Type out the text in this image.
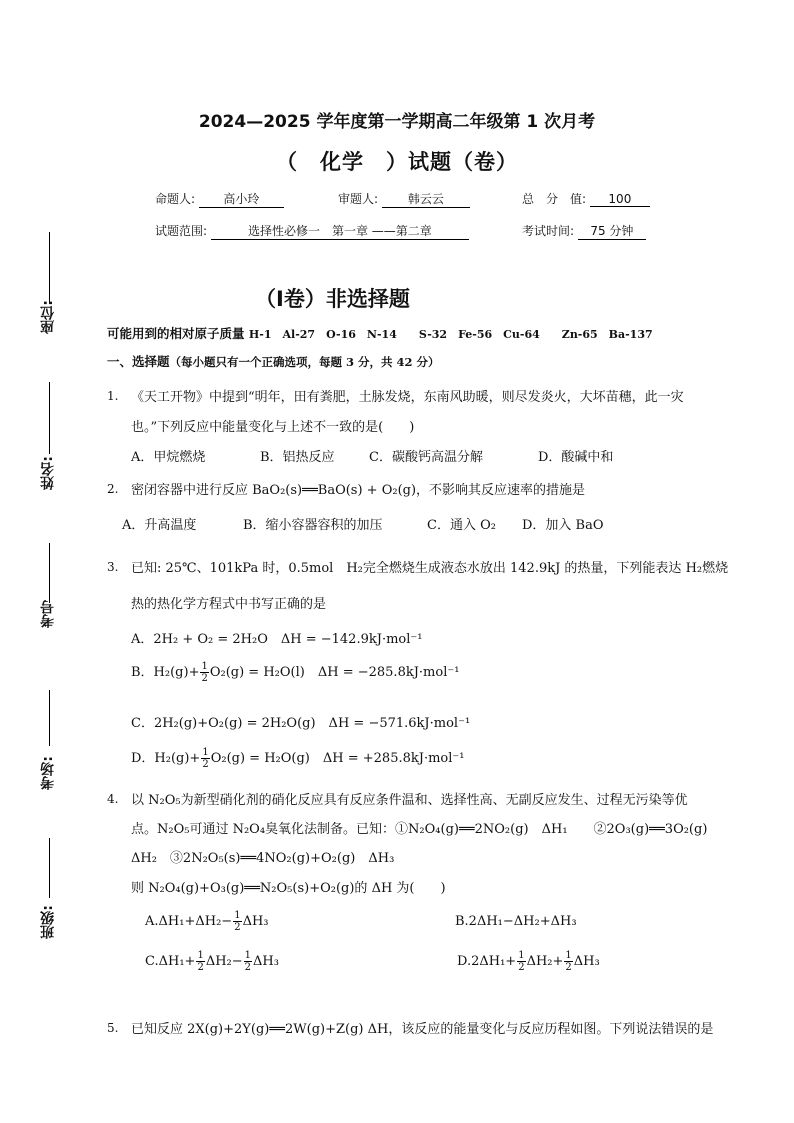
2024—2025 学年度第一学期高二年级第 1 次月考
（　化学　）试题（卷）
命题人: 高小玲	审题人: 韩云云	总　分　值: 100
试题范围:	选择性必修一　第一章 ——第二章	考试时间: 75 分钟
座位:
姓名:
考号
考场:
班级:
（Ⅰ卷）非选择题
可能用到的相对原子质量 H-1　Al-27　O-16　N-14　　S-32　Fe-56　Cu-64　　Zn-65　Ba-137
一、选择题（每小题只有一个正确选项，每题 3 分，共 42 分）
1. 《天工开物》中提到“明年，田有粪肥，土脉发烧，东南风助暖，则尽发炎火，大坏苗穗，此一灾
也。”下列反应中能量变化与上述不一致的是(　　)
A．甲烷燃烧	B．铝热反应	C．碳酸钙高温分解	D．酸碱中和
2. 密闭容器中进行反应 BaO₂(s)══BaO(s) + O₂(g)，不影响其反应速率的措施是
A．升高温度	B．缩小容器容积的加压	C．通入 O₂ D．加入 BaO
3. 已知: 25℃、101kPa 时，0.5mol　H₂完全燃烧生成液态水放出 142.9kJ 的热量，下列能表达 H₂燃烧
热的热化学方程式中书写正确的是
A．2H₂ + O₂ = 2H₂O　ΔH = −142.9kJ·mol⁻¹
B．$H_2(g)+ \frac{1}{2} O_2(g) = H_2O(l)$　ΔH = −285.8kJ·mol⁻¹
C．2H₂(g)+O₂(g) = 2H₂O(g)　ΔH = −571.6kJ·mol⁻¹
D．$H_2(g)+ \frac{1}{2} O_2(g) = H_2O(g)$　ΔH = +285.8kJ·mol⁻¹
4. 以 N₂O₅为新型硝化剂的硝化反应具有反应条件温和、选择性高、无副反应发生、过程无污染等优
点。N₂O₅可通过 N₂O₄臭氧化法制备。已知：①N₂O₄(g)══2NO₂(g)　ΔH₁　　②2O₃(g)══3O₂(g)
ΔH₂　③2N₂O₅(s)══4NO₂(g)+O₂(g)　ΔH₃
则 N₂O₄(g)+O₃(g)══N₂O₅(s)+O₂(g)的 ΔH 为(　　)
$A.\Delta H_1+\Delta H_2- \frac{1}{2} \Delta H_3$	B.2ΔH₁−ΔH₂+ΔH₃
$C.\Delta H_1+ \frac{1}{2} \Delta H_2- \frac{1}{2} \Delta H_3$	$D.2\Delta H_1+ \frac{1}{2} \Delta H_2+ \frac{1}{2} \Delta H_3$
5. 已知反应 2X(g)+2Y(g)══2W(g)+Z(g) ΔH，该反应的能量变化与反应历程如图。下列说法错误的是
